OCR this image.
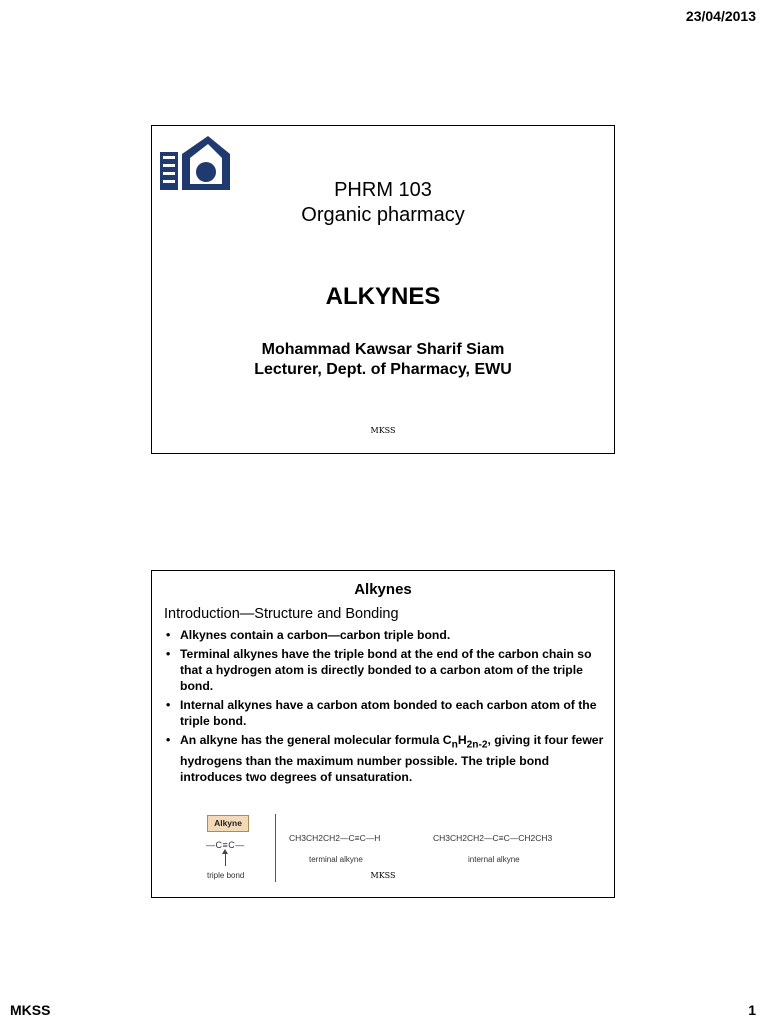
23/04/2013
PHRM 103
Organic pharmacy
ALKYNES
Mohammad Kawsar Sharif Siam
Lecturer, Dept. of Pharmacy, EWU
MKSS
Alkynes
Introduction—Structure and Bonding
• Alkynes contain a carbon—carbon triple bond.
• Terminal alkynes have the triple bond at the end of the carbon chain so that a hydrogen atom is directly bonded to a carbon atom of the triple bond.
• Internal alkynes have a carbon atom bonded to each carbon atom of the triple bond.
• An alkyne has the general molecular formula $C_nH_{2n-2}$, giving it four fewer hydrogens than the maximum number possible. The triple bond introduces two degrees of unsaturation.
Alkyne
—C≡C—
triple bond
CH3CH2CH2—C≡C—H
terminal alkyne
CH3CH2CH2—C≡C—CH2CH3
internal alkyne
MKSS
MKSS	1
